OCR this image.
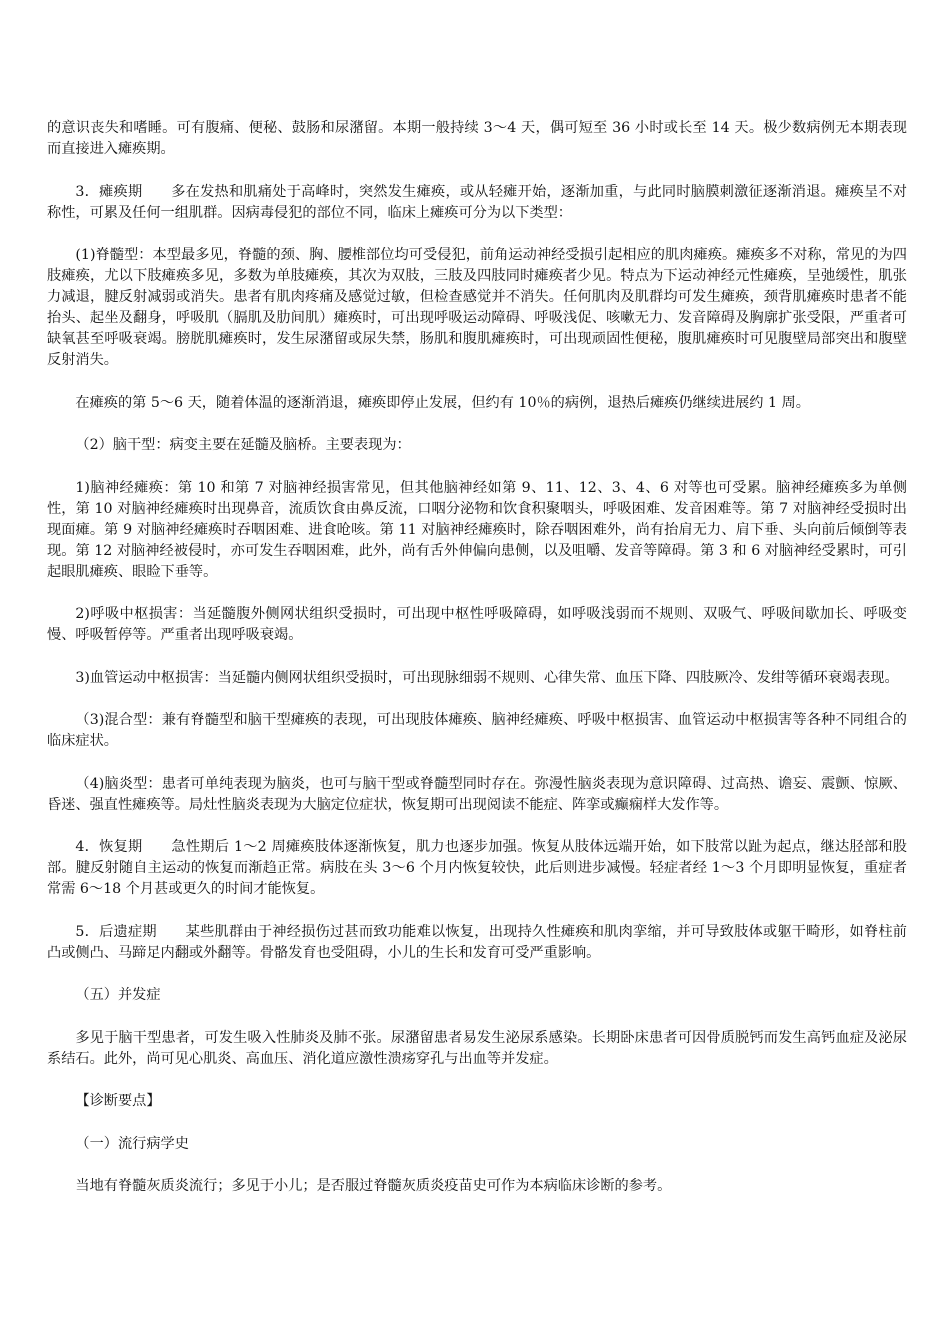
的意识丧失和嗜睡。可有腹痛、便秘、鼓肠和尿潴留。本期一般持续 3～4 天，偶可短至 36 小时或长至 14 天。极少数病例无本期表现而直接进入瘫痪期。

3．瘫痪期　　多在发热和肌痛处于高峰时，突然发生瘫痪，或从轻瘫开始，逐渐加重，与此同时脑膜刺激征逐渐消退。瘫痪呈不对称性，可累及任何一组肌群。因病毒侵犯的部位不同，临床上瘫痪可分为以下类型：

(1)脊髓型：本型最多见，脊髓的颈、胸、腰椎部位均可受侵犯，前角运动神经受损引起相应的肌肉瘫痪。瘫痪多不对称，常见的为四肢瘫痪，尤以下肢瘫痪多见，多数为单肢瘫痪，其次为双肢，三肢及四肢同时瘫痪者少见。特点为下运动神经元性瘫痪，呈弛缓性，肌张力减退，腱反射减弱或消失。患者有肌肉疼痛及感觉过敏，但检查感觉并不消失。任何肌肉及肌群均可发生瘫痪，颈背肌瘫痪时患者不能抬头、起坐及翻身，呼吸肌（膈肌及肋间肌）瘫痪时，可出现呼吸运动障碍、呼吸浅促、咳嗽无力、发音障碍及胸廓扩张受限，严重者可缺氧甚至呼吸衰竭。膀胱肌瘫痪时，发生尿潴留或尿失禁，肠肌和腹肌瘫痪时，可出现顽固性便秘，腹肌瘫痪时可见腹壁局部突出和腹壁反射消失。

在瘫痪的第 5～6 天，随着体温的逐渐消退，瘫痪即停止发展，但约有 10％的病例，退热后瘫痪仍继续进展约 1 周。

（2）脑干型：病变主要在延髓及脑桥。主要表现为：

1)脑神经瘫痪：第 10 和第 7 对脑神经损害常见，但其他脑神经如第 9、11、12、3、4、6 对等也可受累。脑神经瘫痪多为单侧性，第 10 对脑神经瘫痪时出现鼻音，流质饮食由鼻反流，口咽分泌物和饮食积聚咽头，呼吸困难、发音困难等。第 7 对脑神经受损时出现面瘫。第 9 对脑神经瘫痪时吞咽困难、进食呛咳。第 11 对脑神经瘫痪时，除吞咽困难外，尚有抬肩无力、肩下垂、头向前后倾倒等表现。第 12 对脑神经被侵时，亦可发生吞咽困难，此外，尚有舌外伸偏向患侧，以及咀嚼、发音等障碍。第 3 和 6 对脑神经受累时，可引起眼肌瘫痪、眼睑下垂等。

2)呼吸中枢损害：当延髓腹外侧网状组织受损时，可出现中枢性呼吸障碍，如呼吸浅弱而不规则、双吸气、呼吸间歇加长、呼吸变慢、呼吸暂停等。严重者出现呼吸衰竭。

3)血管运动中枢损害：当延髓内侧网状组织受损时，可出现脉细弱不规则、心律失常、血压下降、四肢厥冷、发绀等循环衰竭表现。

（3)混合型：兼有脊髓型和脑干型瘫痪的表现，可出现肢体瘫痪、脑神经瘫痪、呼吸中枢损害、血管运动中枢损害等各种不同组合的临床症状。

（4)脑炎型：患者可单纯表现为脑炎，也可与脑干型或脊髓型同时存在。弥漫性脑炎表现为意识障碍、过高热、谵妄、震颤、惊厥、昏迷、强直性瘫痪等。局灶性脑炎表现为大脑定位症状，恢复期可出现阅读不能症、阵挛或癫痫样大发作等。

4．恢复期　　急性期后 1～2 周瘫痪肢体逐渐恢复，肌力也逐步加强。恢复从肢体远端开始，如下肢常以趾为起点，继达胫部和股部。腱反射随自主运动的恢复而渐趋正常。病肢在头 3～6 个月内恢复较快，此后则进步减慢。轻症者经 1～3 个月即明显恢复，重症者常需 6～18 个月甚或更久的时间才能恢复。

5．后遗症期　　某些肌群由于神经损伤过甚而致功能难以恢复，出现持久性瘫痪和肌肉挛缩，并可导致肢体或躯干畸形，如脊柱前凸或侧凸、马蹄足内翻或外翻等。骨骼发育也受阻碍，小儿的生长和发育可受严重影响。

（五）并发症

多见于脑干型患者，可发生吸入性肺炎及肺不张。尿潴留患者易发生泌尿系感染。长期卧床患者可因骨质脱钙而发生高钙血症及泌尿系结石。此外，尚可见心肌炎、高血压、消化道应激性溃疡穿孔与出血等并发症。

【诊断要点】

（一）流行病学史

当地有脊髓灰质炎流行；多见于小儿；是否服过脊髓灰质炎疫苗史可作为本病临床诊断的参考。
